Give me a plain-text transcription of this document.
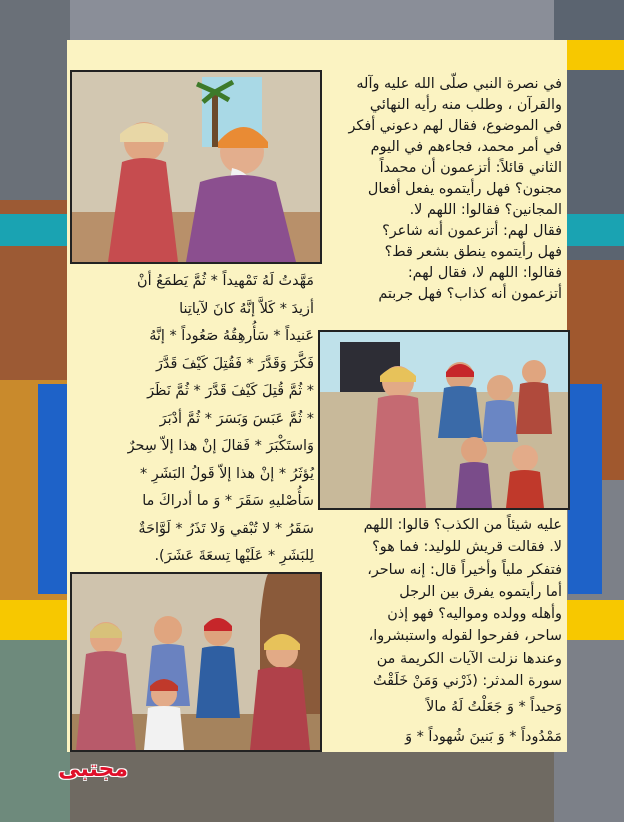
في نصرة النبي صلّى الله عليه وآله

والقرآن ، وطلب منه رأيه النهائي

في الموضوع، فقال لهم دعوني أفكر

في أمر محمد، فجاءهم في اليوم

الثاني قائلاً: أتزعمون أن محمداً

مجنون؟ فهل رأيتموه يفعل أفعال

المجانين؟ فقالوا: اللهم لا.

فقال لهم: أتزعمون أنه شاعر؟

فهل رأيتموه ينطق بشعر قط؟

فقالوا: اللهم لا، فقال لهم:

أتزعمون أنه كذاب؟ فهل جربتم

مَهَّدتُ لَهُ تَمْهيداً * ثُمَّ يَطمَعُ أنْ

أزيدَ * كَلاَّ إنَّهُ كانَ لآياتِنا

عَنيداً * سَأُرهِقُهُ صَعُوداً * إنَّهُ

فَكَّرَ وَقَدَّرَ * فَقُتِلَ كَيْفَ قَدَّرَ

* ثُمَّ قُتِلَ كَيْفَ قَدَّرَ * ثُمَّ نَظَرَ

* ثُمَّ عَبَسَ وَبَسَرَ * ثُمَّ أدْبَرَ

وَاستَكْبَرَ * فَقالَ إنْ هذا إلاّ سِحرٌ

يُؤثَرُ * إنْ هذا إلاّ قَولُ البَشَرِ *

سَأُصْليهِ سَقَرَ * وَ ما أدراكَ ما

سَقَرُ * لا تُبْقي وَلا تَذَرُ * لَوَّاحَةٌ

لِلبَشَرِ * عَلَيْها تِسعَةَ عَشَرَ).

عليه شيئاً من الكذب؟ قالوا: اللهم

لا. فقالت قريش للوليد: فما هو؟

فتفكر ملياً وأخيراً قال: إنه ساحر،

أما رأيتموه يفرق بين الرجل

وأهله وولده ومواليه؟ فهو إذن

ساحر، ففرحوا لقوله واستبشروا،

وعندها نزلت الآيات الكريمة من

سورة المدثر: (ذَرْني وَمَنْ خَلَقْتُ

وَحيداً * وَ جَعَلْتُ لَهُ مالاً

مَمْدُوداً * وَ بَنينَ شُهوداً * وَ

مجتبى
